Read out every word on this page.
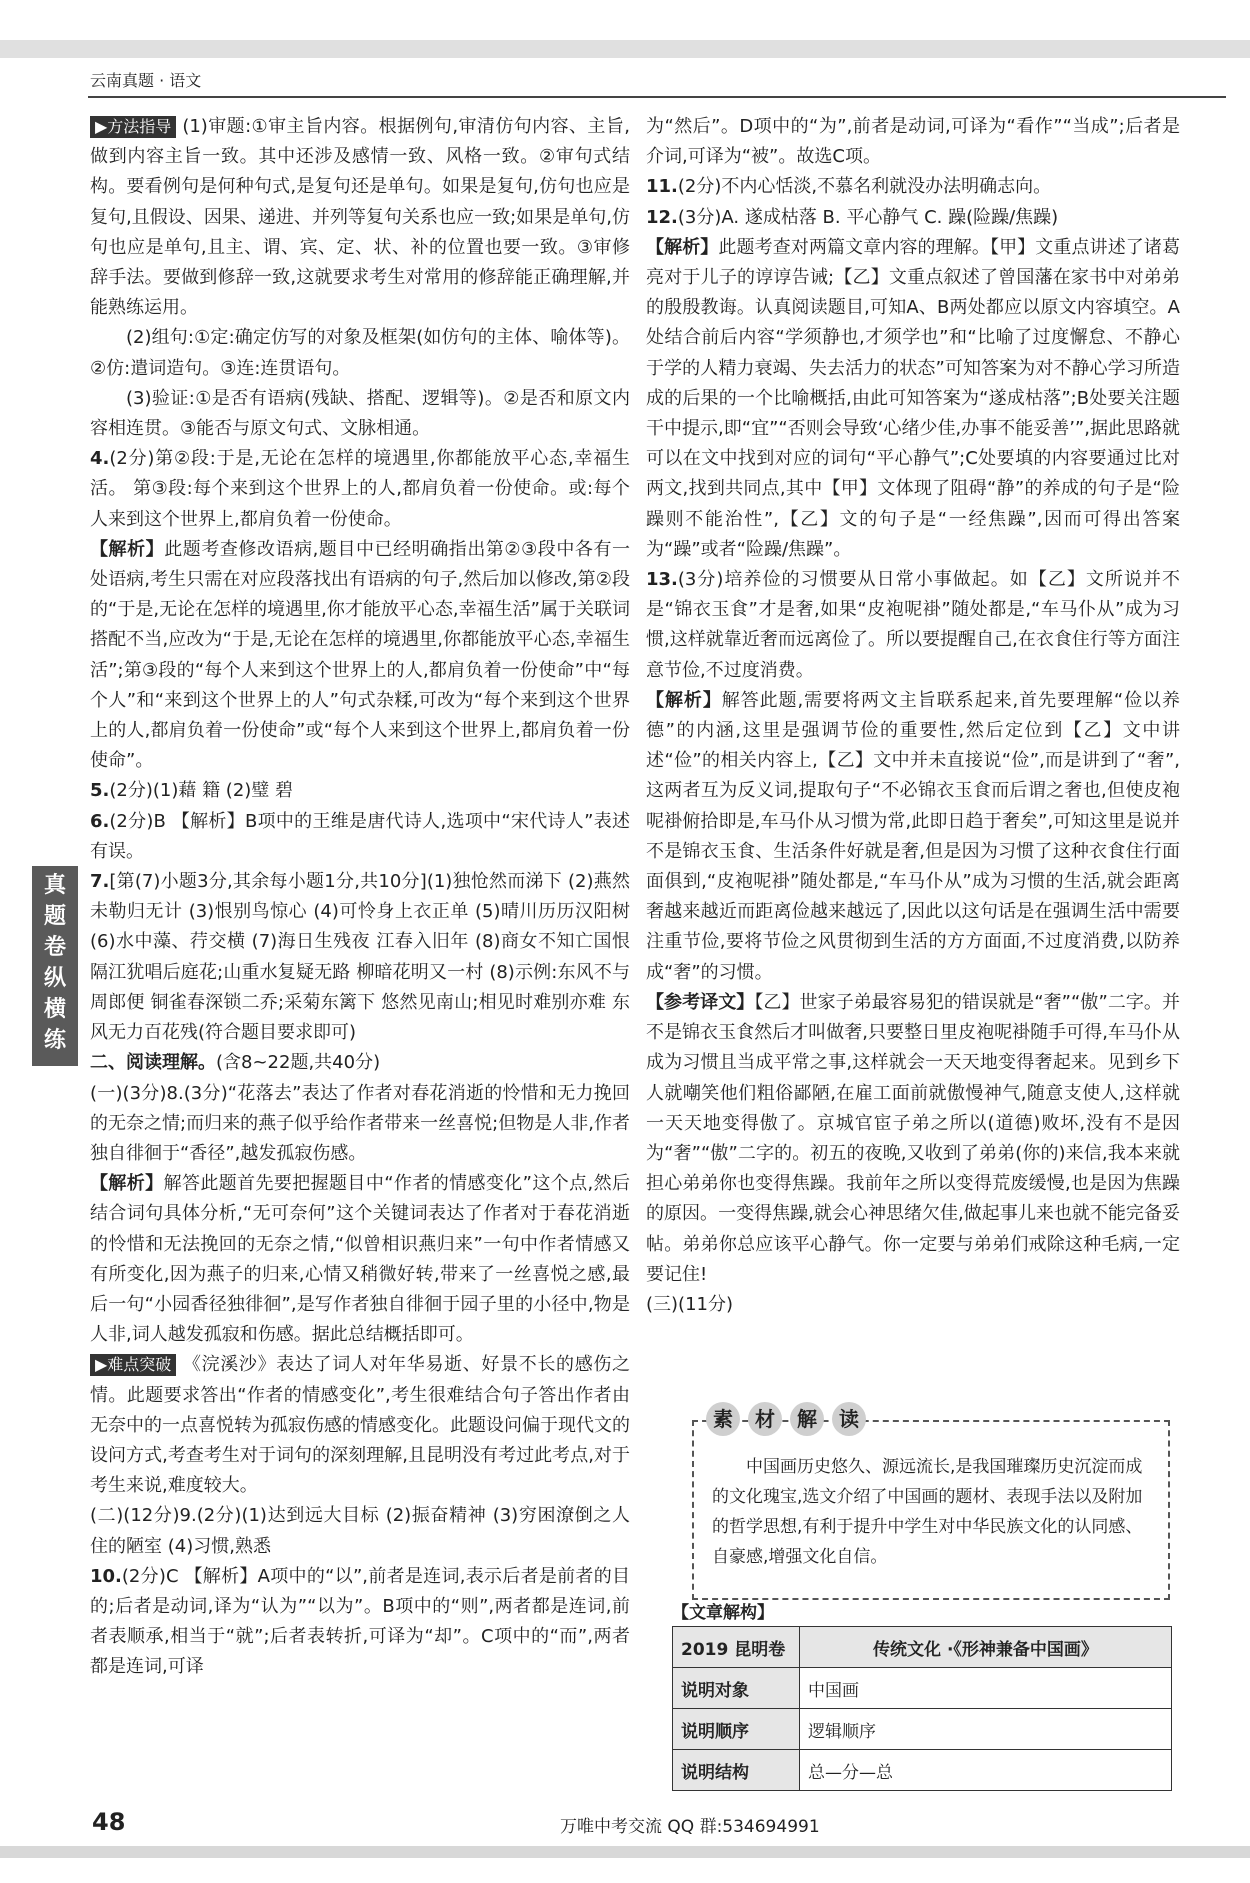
云南真题 · 语文

▶方法指导 (1)审题:①审主旨内容。根据例句,审清仿句内容、主旨,做到内容主旨一致。其中还涉及感情一致、风格一致。②审句式结构。要看例句是何种句式,是复句还是单句。如果是复句,仿句也应是复句,且假设、因果、递进、并列等复句关系也应一致;如果是单句,仿句也应是单句,且主、谓、宾、定、状、补的位置也要一致。③审修辞手法。要做到修辞一致,这就要求考生对常用的修辞能正确理解,并能熟练运用。

(2)组句:①定:确定仿写的对象及框架(如仿句的主体、喻体等)。②仿:遣词造句。③连:连贯语句。

(3)验证:①是否有语病(残缺、搭配、逻辑等)。②是否和原文内容相连贯。③能否与原文句式、文脉相通。

4.(2分)第②段:于是,无论在怎样的境遇里,你都能放平心态,幸福生活。 第③段:每个来到这个世界上的人,都肩负着一份使命。或:每个人来到这个世界上,都肩负着一份使命。

【解析】此题考查修改语病,题目中已经明确指出第②③段中各有一处语病,考生只需在对应段落找出有语病的句子,然后加以修改,第②段的“于是,无论在怎样的境遇里,你才能放平心态,幸福生活”属于关联词搭配不当,应改为“于是,无论在怎样的境遇里,你都能放平心态,幸福生活”;第③段的“每个人来到这个世界上的人,都肩负着一份使命”中“每个人”和“来到这个世界上的人”句式杂糅,可改为“每个来到这个世界上的人,都肩负着一份使命”或“每个人来到这个世界上,都肩负着一份使命”。

5.(2分)(1)藉 籍 (2)璧 碧

6.(2分)B 【解析】B项中的王维是唐代诗人,选项中“宋代诗人”表述有误。

7.[第(7)小题3分,其余每小题1分,共10分](1)独怆然而涕下 (2)燕然未勒归无计 (3)恨别鸟惊心 (4)可怜身上衣正单 (5)晴川历历汉阳树 (6)水中藻、荇交横 (7)海日生残夜 江春入旧年 (8)商女不知亡国恨 隔江犹唱后庭花;山重水复疑无路 柳暗花明又一村 (8)示例:东风不与周郎便 铜雀春深锁二乔;采菊东篱下 悠然见南山;相见时难别亦难 东风无力百花残(符合题目要求即可)

二、阅读理解。(含8~22题,共40分)

(一)(3分)8.(3分)“花落去”表达了作者对春花消逝的怜惜和无力挽回的无奈之情;而归来的燕子似乎给作者带来一丝喜悦;但物是人非,作者独自徘徊于“香径”,越发孤寂伤感。

【解析】解答此题首先要把握题目中“作者的情感变化”这个点,然后结合词句具体分析,“无可奈何”这个关键词表达了作者对于春花消逝的怜惜和无法挽回的无奈之情,“似曾相识燕归来”一句中作者情感又有所变化,因为燕子的归来,心情又稍微好转,带来了一丝喜悦之感,最后一句“小园香径独徘徊”,是写作者独自徘徊于园子里的小径中,物是人非,词人越发孤寂和伤感。据此总结概括即可。

▶难点突破 《浣溪沙》表达了词人对年华易逝、好景不长的感伤之情。此题要求答出“作者的情感变化”,考生很难结合句子答出作者由无奈中的一点喜悦转为孤寂伤感的情感变化。此题设问偏于现代文的设问方式,考查考生对于词句的深刻理解,且昆明没有考过此考点,对于考生来说,难度较大。

(二)(12分)9.(2分)(1)达到远大目标 (2)振奋精神 (3)穷困潦倒之人住的陋室 (4)习惯,熟悉

10.(2分)C 【解析】A项中的“以”,前者是连词,表示后者是前者的目的;后者是动词,译为“认为”“以为”。B项中的“则”,两者都是连词,前者表顺承,相当于“就”;后者表转折,可译为“却”。C项中的“而”,两者都是连词,可译

为“然后”。D项中的“为”,前者是动词,可译为“看作”“当成”;后者是介词,可译为“被”。故选C项。

11.(2分)不内心恬淡,不慕名利就没办法明确志向。

12.(3分)A. 遂成枯落 B. 平心静气 C. 躁(险躁/焦躁)

【解析】此题考查对两篇文章内容的理解。【甲】文重点讲述了诸葛亮对于儿子的谆谆告诫;【乙】文重点叙述了曾国藩在家书中对弟弟的殷殷教诲。认真阅读题目,可知A、B两处都应以原文内容填空。A处结合前后内容“学须静也,才须学也”和“比喻了过度懈怠、不静心于学的人精力衰竭、失去活力的状态”可知答案为对不静心学习所造成的后果的一个比喻概括,由此可知答案为“遂成枯落”;B处要关注题干中提示,即“宜”“否则会导致‘心绪少佳,办事不能妥善’”,据此思路就可以在文中找到对应的词句“平心静气”;C处要填的内容要通过比对两文,找到共同点,其中【甲】文体现了阻碍“静”的养成的句子是“险躁则不能治性”,【乙】文的句子是“一经焦躁”,因而可得出答案为“躁”或者“险躁/焦躁”。

13.(3分)培养俭的习惯要从日常小事做起。如【乙】文所说并不是“锦衣玉食”才是奢,如果“皮袍呢褂”随处都是,“车马仆从”成为习惯,这样就靠近奢而远离俭了。所以要提醒自己,在衣食住行等方面注意节俭,不过度消费。

【解析】解答此题,需要将两文主旨联系起来,首先要理解“俭以养德”的内涵,这里是强调节俭的重要性,然后定位到【乙】文中讲述“俭”的相关内容上,【乙】文中并未直接说“俭”,而是讲到了“奢”,这两者互为反义词,提取句子“不必锦衣玉食而后谓之奢也,但使皮袍呢褂俯拾即是,车马仆从习惯为常,此即日趋于奢矣”,可知这里是说并不是锦衣玉食、生活条件好就是奢,但是因为习惯了这种衣食住行面面俱到,“皮袍呢褂”随处都是,“车马仆从”成为习惯的生活,就会距离奢越来越近而距离俭越来越远了,因此以这句话是在强调生活中需要注重节俭,要将节俭之风贯彻到生活的方方面面,不过度消费,以防养成“奢”的习惯。

【参考译文】【乙】世家子弟最容易犯的错误就是“奢”“傲”二字。并不是锦衣玉食然后才叫做奢,只要整日里皮袍呢褂随手可得,车马仆从成为习惯且当成平常之事,这样就会一天天地变得奢起来。见到乡下人就嘲笑他们粗俗鄙陋,在雇工面前就傲慢神气,随意支使人,这样就一天天地变得傲了。京城官宦子弟之所以(道德)败坏,没有不是因为“奢”“傲”二字的。初五的夜晚,又收到了弟弟(你的)来信,我本来就担心弟弟你也变得焦躁。我前年之所以变得荒废缓慢,也是因为焦躁的原因。一变得焦躁,就会心神思绪欠佳,做起事儿来也就不能完备妥帖。弟弟你总应该平心静气。你一定要与弟弟们戒除这种毛病,一定要记住!

(三)(11分)

真
题
卷
纵
横
练
素 材 解 读
中国画历史悠久、源远流长,是我国璀璨历史沉淀而成的文化瑰宝,选文介绍了中国画的题材、表现手法以及附加的哲学思想,有利于提升中学生对中华民族文化的认同感、自豪感,增强文化自信。
【文章解构】
2019 昆明卷	传统文化 ·《形神兼备中国画》
说明对象	中国画
说明顺序	逻辑顺序
说明结构	总—分—总
48	万唯中考交流 QQ 群:534694991
